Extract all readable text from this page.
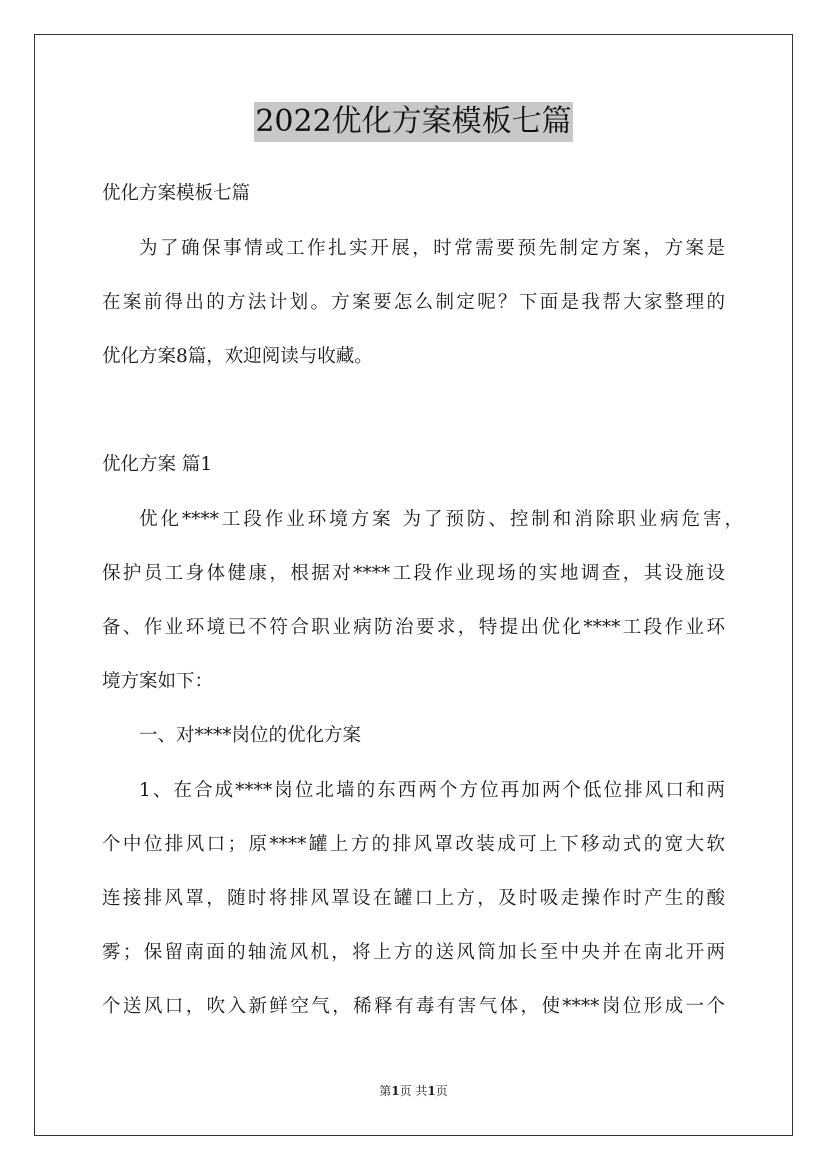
2022优化方案模板七篇
优化方案模板七篇
为了确保事情或工作扎实开展，时常需要预先制定方案，方案是
在案前得出的方法计划。方案要怎么制定呢？下面是我帮大家整理的
优化方案8篇，欢迎阅读与收藏。
优化方案 篇1
优化****工段作业环境方案 为了预防、控制和消除职业病危害，
保护员工身体健康，根据对****工段作业现场的实地调查，其设施设
备、作业环境已不符合职业病防治要求，特提出优化****工段作业环
境方案如下：
一、对****岗位的优化方案
1、在合成****岗位北墙的东西两个方位再加两个低位排风口和两
个中位排风口；原****罐上方的排风罩改装成可上下移动式的宽大软
连接排风罩，随时将排风罩设在罐口上方，及时吸走操作时产生的酸
雾；保留南面的轴流风机，将上方的送风筒加长至中央并在南北开两
个送风口，吹入新鲜空气，稀释有毒有害气体，使****岗位形成一个
第1页 共1页
